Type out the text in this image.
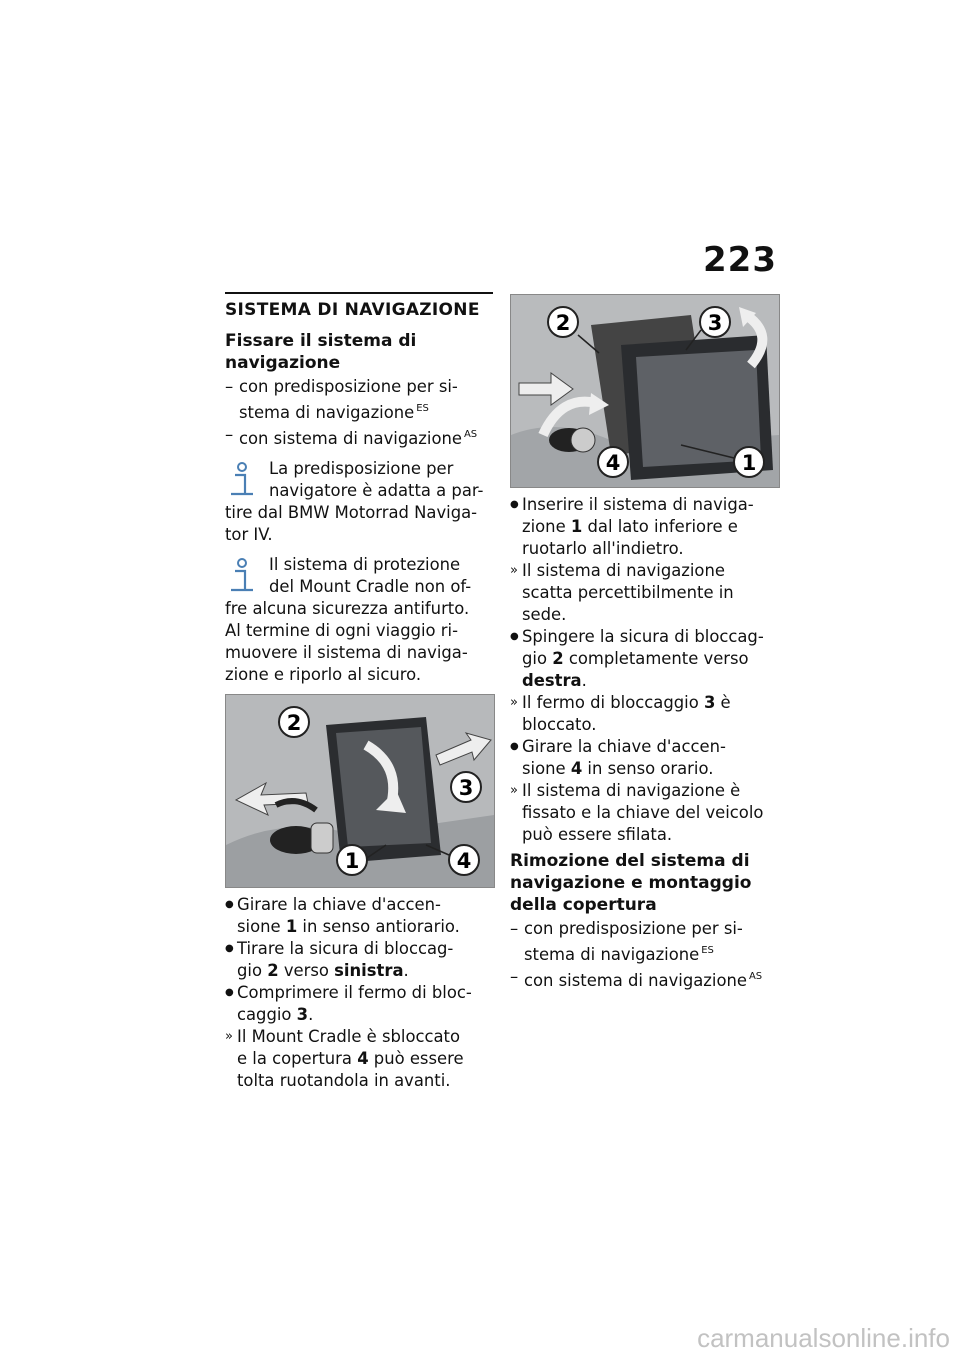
223
SISTEMA DI NAVIGAZIONE
Fissare il sistema di
navigazione
– con predisposizione per si-
stema di navigazione $^{ES}$
– con sistema di navigazione $^{AS}$
La predisposizione per
navigatore è adatta a par-
tire dal BMW Motorrad Naviga-
tor IV.
Il sistema di protezione
del Mount Cradle non of-
fre alcuna sicurezza antifurto.
Al termine di ogni viaggio ri-
muovere il sistema di naviga-
zione e riporlo al sicuro.
2
3
1	4
● Girare la chiave d'accen-
sione 1 in senso antiorario.
● Tirare la sicura di bloccag-
gio 2 verso sinistra.
● Comprimere il fermo di bloc-
caggio 3.
» Il Mount Cradle è sbloccato
e la copertura 4 può essere
tolta ruotandola in avanti.
2	3
4	1
● Inserire il sistema di naviga-
zione 1 dal lato inferiore e
ruotarlo all'indietro.
» Il sistema di navigazione
scatta percettibilmente in
sede.
● Spingere la sicura di bloccag-
gio 2 completamente verso
destra.
» Il fermo di bloccaggio 3 è
bloccato.
● Girare la chiave d'accen-
sione 4 in senso orario.
» Il sistema di navigazione è
fissato e la chiave del veicolo
può essere sfilata.
Rimozione del sistema di
navigazione e montaggio
della copertura
– con predisposizione per si-
stema di navigazione $^{ES}$
– con sistema di navigazione $^{AS}$
carmanualsonline.info
